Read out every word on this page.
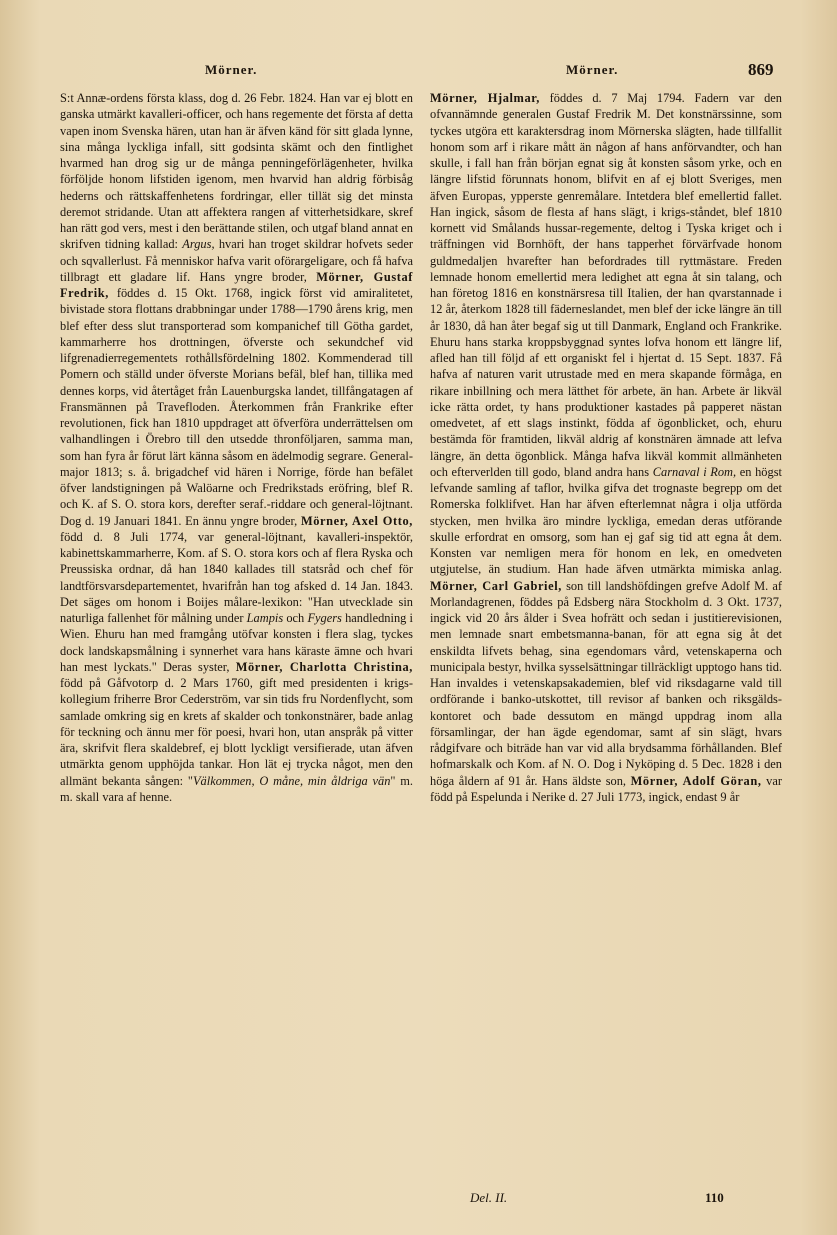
Mörner.	Mörner.	869

S:t Annæ-ordens första klass, dog d. 26 Febr. 1824. Han var ej blott en ganska utmärkt kavalleri-officer, och hans regemente det första af detta vapen inom Svenska hären, utan han är äfven känd för sitt glada lynne, sina många lyckliga infall, sitt godsinta skämt och den fintlighet hvarmed han drog sig ur de många penningeförlägenheter, hvilka förföljde honom lifstiden igenom, men hvarvid han aldrig förbisåg hederns och rättskaffenhetens fordringar, eller tillät sig det minsta deremot stridande. Utan att affektera rangen af vitterhetsidkare, skref han rätt god vers, mest i den berättande stilen, och utgaf bland annat en skrifven tidning kallad: Argus, hvari han troget skildrar hofvets seder och sqvallerlust. Få menniskor hafva varit oförargeligare, och få hafva tillbragt ett gladare lif. Hans yngre broder, Mörner, Gustaf Fredrik, föddes d. 15 Okt. 1768, ingick först vid amiralitetet, bivistade stora flottans drabbningar under 1788—1790 årens krig, men blef efter dess slut transporterad som kompanichef till Götha gardet, kammarherre hos drottningen, öfverste och sekundchef vid lifgrenadierregementets rothållsfördelning 1802. Kommenderad till Pomern och ställd under öfverste Morians befäl, blef han, tillika med dennes korps, vid återtåget från Lauenburgska landet, tillfångatagen af Fransmännen på Travefloden. Återkommen från Frankrike efter revolutionen, fick han 1810 uppdraget att öfverföra underrättelsen om valhandlingen i Örebro till den utsedde thronföljaren, samma man, som han fyra år förut lärt känna såsom en ädelmodig segrare. General-major 1813; s. å. brigadchef vid hären i Norrige, förde han befälet öfver landstigningen på Walöarne och Fredrikstads eröfring, blef R. och K. af S. O. stora kors, derefter seraf.-riddare och general-löjtnant. Dog d. 19 Januari 1841. En ännu yngre broder, Mörner, Axel Otto, född d. 8 Juli 1774, var general-löjtnant, kavalleri-inspektör, kabinettskammarherre, Kom. af S. O. stora kors och af flera Ryska och Preussiska ordnar, då han 1840 kallades till statsråd och chef för landtförsvarsdepartementet, hvarifrån han tog afsked d. 14 Jan. 1843. Det säges om honom i Boijes målare-lexikon: "Han utvecklade sin naturliga fallenhet för målning under Lampis och Fygers handledning i Wien. Ehuru han med framgång utöfvar konsten i flera slag, tyckes dock landskapsmålning i synnerhet vara hans käraste ämne och hvari han mest lyckats." Deras syster, Mörner, Charlotta Christina, född på Gåfvotorp d. 2 Mars 1760, gift med presidenten i krigs-kollegium friherre Bror Cederström, var sin tids fru Nordenflycht, som samlade omkring sig en krets af skalder och tonkonstnärer, bade anlag för teckning och ännu mer för poesi, hvari hon, utan anspråk på vitter ära, skrifvit flera skaldebref, ej blott lyckligt versifierade, utan äfven utmärkta genom upphöjda tankar. Hon lät ej trycka något, men den allmänt bekanta sången: "Välkommen, O måne, min åldriga vän" m. m. skall vara af henne.

Mörner, Hjalmar, föddes d. 7 Maj 1794. Fadern var den ofvannämnde generalen Gustaf Fredrik M. Det konstnärssinne, som tyckes utgöra ett karaktersdrag inom Mörnerska slägten, hade tillfallit honom som arf i rikare mått än någon af hans anförvandter, och han skulle, i fall han från början egnat sig åt konsten såsom yrke, och en längre lifstid förunnats honom, blifvit en af ej blott Sveriges, men äfven Europas, ypperste genremålare. Intetdera blef emellertid fallet. Han ingick, såsom de flesta af hans slägt, i krigs-ståndet, blef 1810 kornett vid Smålands hussar-regemente, deltog i Tyska kriget och i träffningen vid Bornhöft, der hans tapperhet förvärfvade honom guldmedaljen hvarefter han befordrades till ryttmästare. Freden lemnade honom emellertid mera ledighet att egna åt sin talang, och han företog 1816 en konstnärsresa till Italien, der han qvarstannade i 12 år, återkom 1828 till fäderneslandet, men blef der icke längre än till år 1830, då han åter begaf sig ut till Danmark, England och Frankrike. Ehuru hans starka kroppsbyggnad syntes lofva honom ett längre lif, afled han till följd af ett organiskt fel i hjertat d. 15 Sept. 1837. Få hafva af naturen varit utrustade med en mera skapande förmåga, en rikare inbillning och mera lätthet för arbete, än han. Arbete är likväl icke rätta ordet, ty hans produktioner kastades på papperet nästan omedvetet, af ett slags instinkt, födda af ögonblicket, och, ehuru bestämda för framtiden, likväl aldrig af konstnären ämnade att lefva längre, än detta ögonblick. Många hafva likväl kommit allmänheten och efterverlden till godo, bland andra hans Carnaval i Rom, en högst lefvande samling af taflor, hvilka gifva det trognaste begrepp om det Romerska folklifvet. Han har äfven efterlemnat några i olja utförda stycken, men hvilka äro mindre lyckliga, emedan deras utförande skulle erfordrat en omsorg, som han ej gaf sig tid att egna åt dem. Konsten var nemligen mera för honom en lek, en omedveten utgjutelse, än studium. Han hade äfven utmärkta mimiska anlag. Mörner, Carl Gabriel, son till landshöfdingen grefve Adolf M. af Morlandagrenen, föddes på Edsberg nära Stockholm d. 3 Okt. 1737, ingick vid 20 års ålder i Svea hofrätt och sedan i justitierevisionen, men lemnade snart embetsmanna-banan, för att egna sig åt det enskildta lifvets behag, sina egendomars vård, vetenskaperna och municipala bestyr, hvilka sysselsättningar tillräckligt upptogo hans tid. Han invaldes i vetenskapsakademien, blef vid riksdagarne vald till ordförande i banko-utskottet, till revisor af banken och riksgälds-kontoret och bade dessutom en mängd uppdrag inom alla församlingar, der han ägde egendomar, samt af sin slägt, hvars rådgifvare och biträde han var vid alla brydsamma förhållanden. Blef hofmarskalk och Kom. af N. O. Dog i Nyköping d. 5 Dec. 1828 i den höga åldern af 91 år. Hans äldste son, Mörner, Adolf Göran, var född på Espelunda i Nerike d. 27 Juli 1773, ingick, endast 9 år

Del. II.	110
